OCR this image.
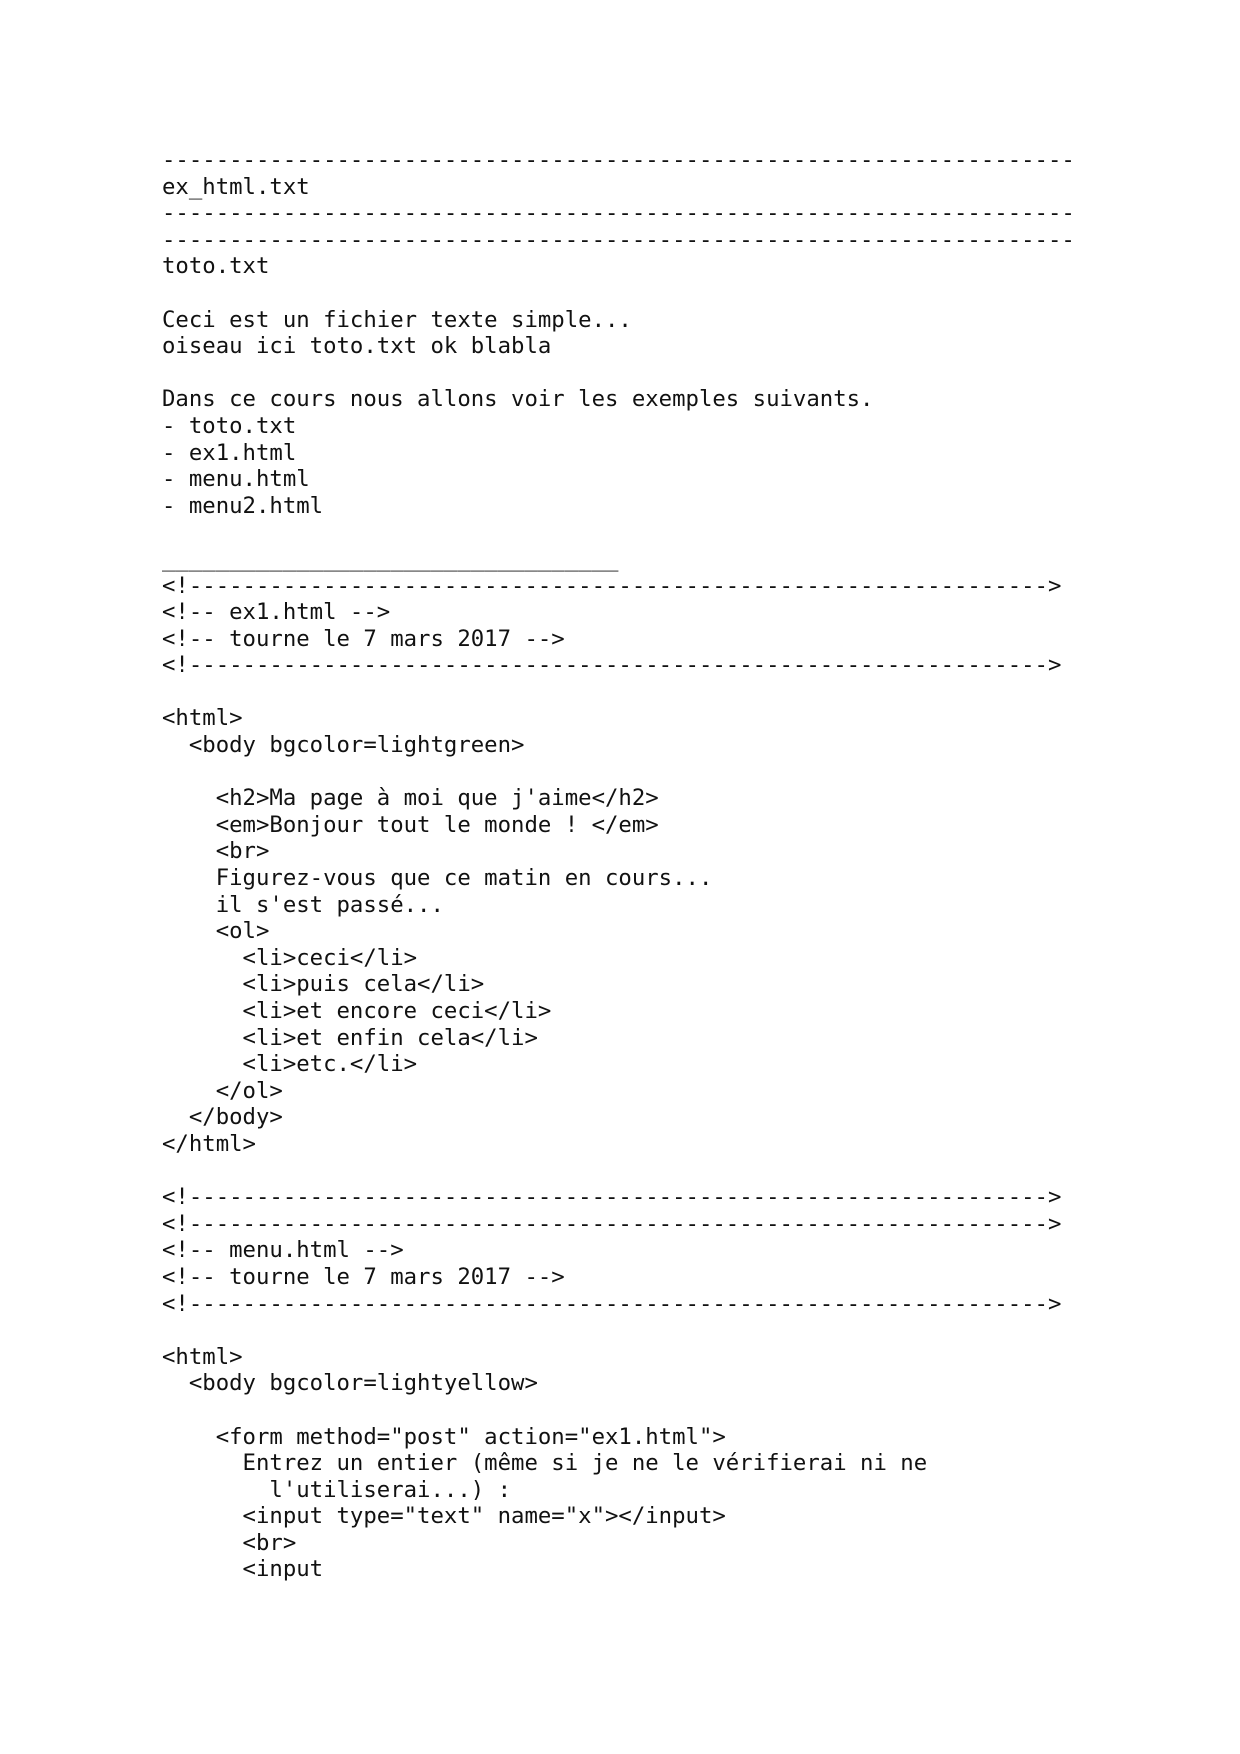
--------------------------------------------------------------------
ex_html.txt
--------------------------------------------------------------------
--------------------------------------------------------------------
toto.txt

Ceci est un fichier texte simple...
oiseau ici toto.txt ok blabla

Dans ce cours nous allons voir les exemples suivants.
- toto.txt
- ex1.html
- menu.html
- menu2.html

__________________________________
<!---------------------------------------------------------------->
<!-- ex1.html -->
<!-- tourne le 7 mars 2017 -->
<!---------------------------------------------------------------->

<html>
<body bgcolor=lightgreen>

<h2>Ma page à moi que j'aime</h2>
<em>Bonjour tout le monde ! </em>
<br>
Figurez-vous que ce matin en cours...
il s'est passé...
<ol>
<li>ceci</li>
<li>puis cela</li>
<li>et encore ceci</li>
<li>et enfin cela</li>
<li>etc.</li>
</ol>
</body>
</html>

<!---------------------------------------------------------------->
<!---------------------------------------------------------------->
<!-- menu.html -->
<!-- tourne le 7 mars 2017 -->
<!---------------------------------------------------------------->

<html>
<body bgcolor=lightyellow>

<form method="post" action="ex1.html">
Entrez un entier (même si je ne le vérifierai ni ne
l'utiliserai...) :
<input type="text" name="x"></input>
<br>
<input
